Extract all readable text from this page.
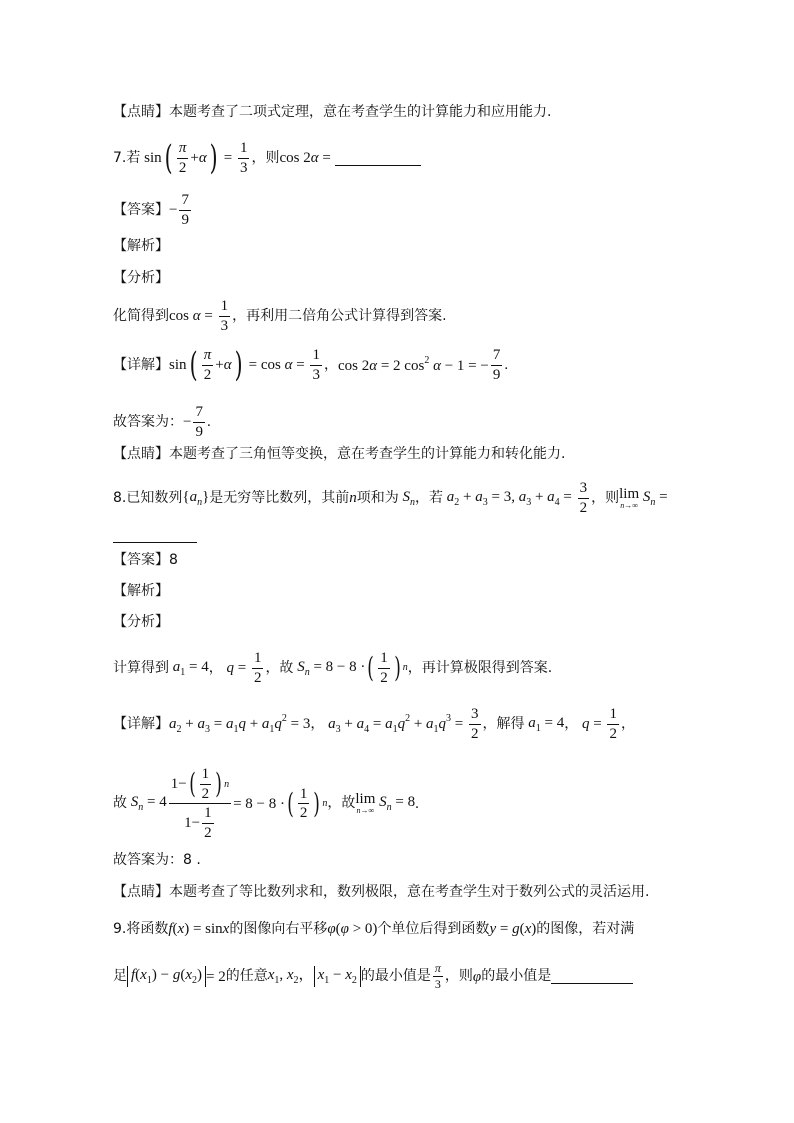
【点睛】本题考查了二项式定理，意在考查学生的计算能力和应用能力.
7.若 sin ( $\frac{\pi}{2} +\alpha$ ) = $\frac{1}{3}$ ，则 cos 2α =
【答案】 − $\frac{7}{9}$
【解析】
【分析】
化简得到 $\cos \alpha = \frac{1}{3}$ ，再利用二倍角公式计算得到答案.
【详解】 sin ( $\frac{\pi}{2} +\alpha$ ) = $\cos \alpha = \frac{1}{3}$ ， cos 2α = 2 $\cos^2 \alpha - 1$ = − $\frac{7}{9}$ .
故答案为： − $\frac{7}{9}$ .
【点睛】本题考查了三角恒等变换，意在考查学生的计算能力和转化能力.
8.已知数列 $\{a_n\}$ 是无穷等比数列，其前 n 项和为 $S_n$ ，若 $a_2 + a_3 = 3$, $a_3 + a_4 = \frac{3}{2}$ ，则 lim
n→∞
$S_n$ =
【答案】8
【解析】
【分析】
计算得到 $a_1 = 4$ ， $q = \frac{1}{2}$ ，故 $S_n = 8 - 8$ · ( $\frac{1}{2}$ ) n ，再计算极限得到答案.
【详解】 $a_2 + a_3 = a_1q + a_1q^2 = 3$ ， $a_3 + a_4 = a_1q^2 + a_1q^3 = \frac{3}{2}$ ，解得 $a_1 = 4$ ， $q = \frac{1}{2}$ ，
故 $S_n = 4 \frac{1- ( \frac{1}{2} ) n}{1- \frac{1}{2}} = 8 - 8$ · ( $\frac{1}{2}$ ) n ，故 lim
n→∞
$S_n = 8$ .
故答案为：8 .
【点睛】本题考查了等比数列求和，数列极限，意在考查学生对于数列公式的灵活运用.
9.将函数 f(x) = sinx 的图像向右平移 φ(φ > 0) 个单位后得到函数 y = g(x) 的图像，若对满
足 $f(x_1) - g(x_2) = 2$ 的任意 $x_1$, $x_2$， $x_1 - x_2$ 的最小值是 $\frac{\pi}{3}$ ，则 φ 的最小值是
